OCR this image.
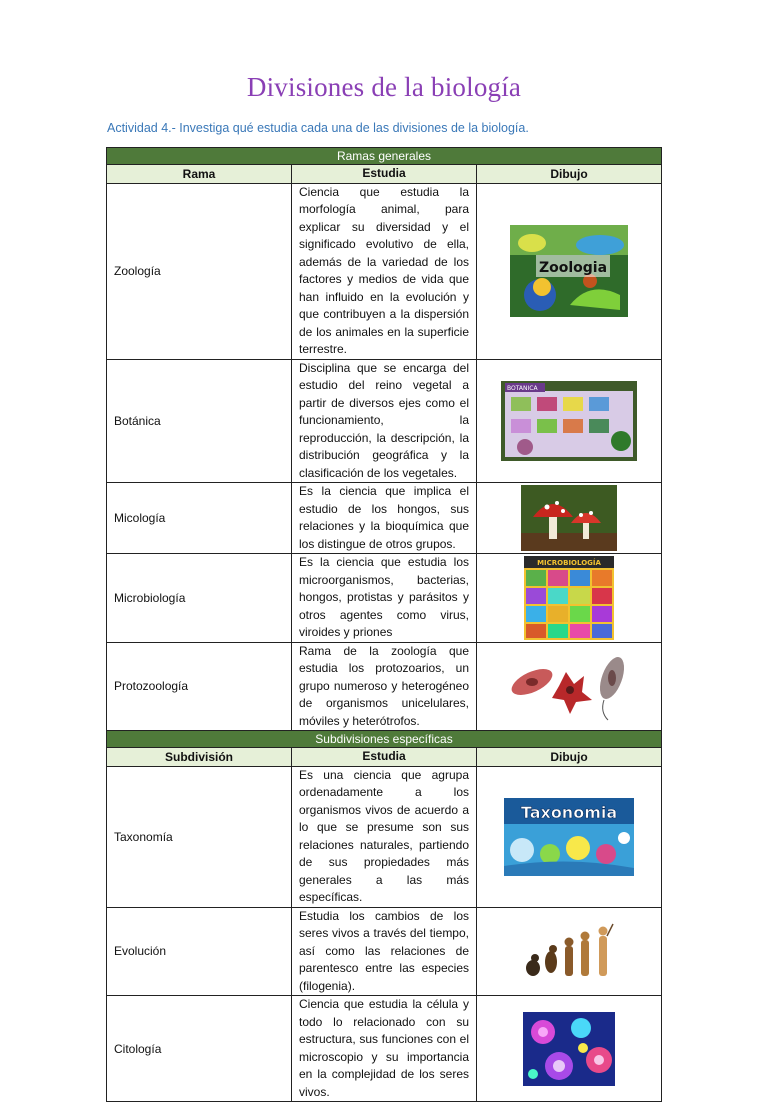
Divisiones de la biología
Actividad 4.- Investiga qué estudia cada una de las divisiones de la biología.
Ramas generales		
Rama	Estudia	Dibujo
Zoología	Ciencia que estudia la morfología animal, para explicar su diversidad y el significado evolutivo de ella, además de la variedad de los factores y medios de vida que han influido en la evolución y que contribuyen a la dispersión de los animales en la superficie terrestre.	Zoologia

Botánica	Disciplina que se encarga del estudio del reino vegetal a partir de diversos ejes como el funcionamiento, la reproducción, la descripción, la distribución geográfica y la clasificación de los vegetales.	BOTANICA

Micología	Es la ciencia que implica el estudio de los hongos, sus relaciones y la bioquímica que los distingue de otros grupos.	

Microbiología	Es la ciencia que estudia los microorganismos, bacterias, hongos, protistas y parásitos y otros agentes como virus, viroides y priones	MICROBIOLOGÍA

Protozoología	Rama de la zoología que estudia los protozoarios, un grupo numeroso y heterogéneo de organismos unicelulares, móviles y heterótrofos.	

Subdivisiones específicas		
Subdivisión	Estudia	Dibujo
Taxonomía	Es una ciencia que agrupa ordenadamente a los organismos vivos de acuerdo a lo que se presume son sus relaciones naturales, partiendo de sus propiedades más generales a las más específicas.	Taxonomia

Evolución	Estudia los cambios de los seres vivos a través del tiempo, así como las relaciones de parentesco entre las especies (filogenia).	

Citología	Ciencia que estudia la célula y todo lo relacionado con su estructura, sus funciones con el microscopio y su importancia en la complejidad de los seres vivos.	
